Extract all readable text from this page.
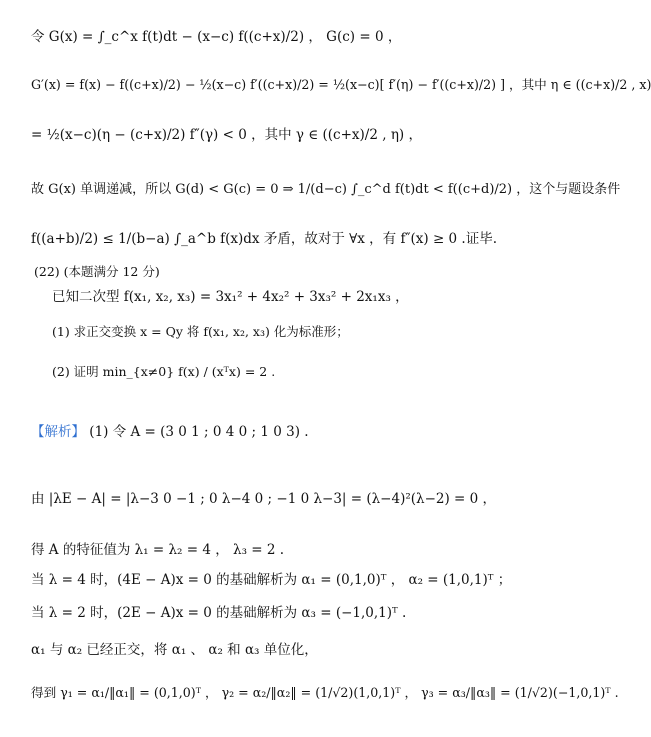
令 G(x) = ∫_c^x f(t)dt − (x−c) f((c+x)/2) ， G(c) = 0 ，
G′(x) = f(x) − f((c+x)/2) − ½(x−c) f′((c+x)/2) = ½(x−c)[ f′(η) − f′((c+x)/2) ] ，其中 η ∈ ((c+x)/2 , x)
= ½(x−c)(η − (c+x)/2) f″(γ) < 0 ，其中 γ ∈ ((c+x)/2 , η) ，
故 G(x) 单调递减，所以 G(d) < G(c) = 0 ⇒ 1/(d−c) ∫_c^d f(t)dt < f((c+d)/2) ，这个与题设条件
f((a+b)/2) ≤ 1/(b−a) ∫_a^b f(x)dx 矛盾，故对于 ∀x ，有 f″(x) ≥ 0 .证毕.
(22) (本题满分 12 分)
已知二次型 f(x₁, x₂, x₃) = 3x₁² + 4x₂² + 3x₃² + 2x₁x₃ ，
(1) 求正交变换 x = Qy 将 f(x₁, x₂, x₃) 化为标准形；
(2) 证明 min_{x≠0} f(x) / (xᵀx) = 2 .
【解析】 (1) 令 A = (3 0 1 ; 0 4 0 ; 1 0 3) .
由 |λE − A| = |λ−3 0 −1 ; 0 λ−4 0 ; −1 0 λ−3| = (λ−4)²(λ−2) = 0 ，
得 A 的特征值为 λ₁ = λ₂ = 4 ， λ₃ = 2 .
当 λ = 4 时，(4E − A)x = 0 的基础解析为 α₁ = (0,1,0)ᵀ ， α₂ = (1,0,1)ᵀ ；
当 λ = 2 时，(2E − A)x = 0 的基础解析为 α₃ = (−1,0,1)ᵀ .
α₁ 与 α₂ 已经正交，将 α₁ 、 α₂ 和 α₃ 单位化，
得到 γ₁ = α₁/‖α₁‖ = (0,1,0)ᵀ ， γ₂ = α₂/‖α₂‖ = (1/√2)(1,0,1)ᵀ ， γ₃ = α₃/‖α₃‖ = (1/√2)(−1,0,1)ᵀ .
